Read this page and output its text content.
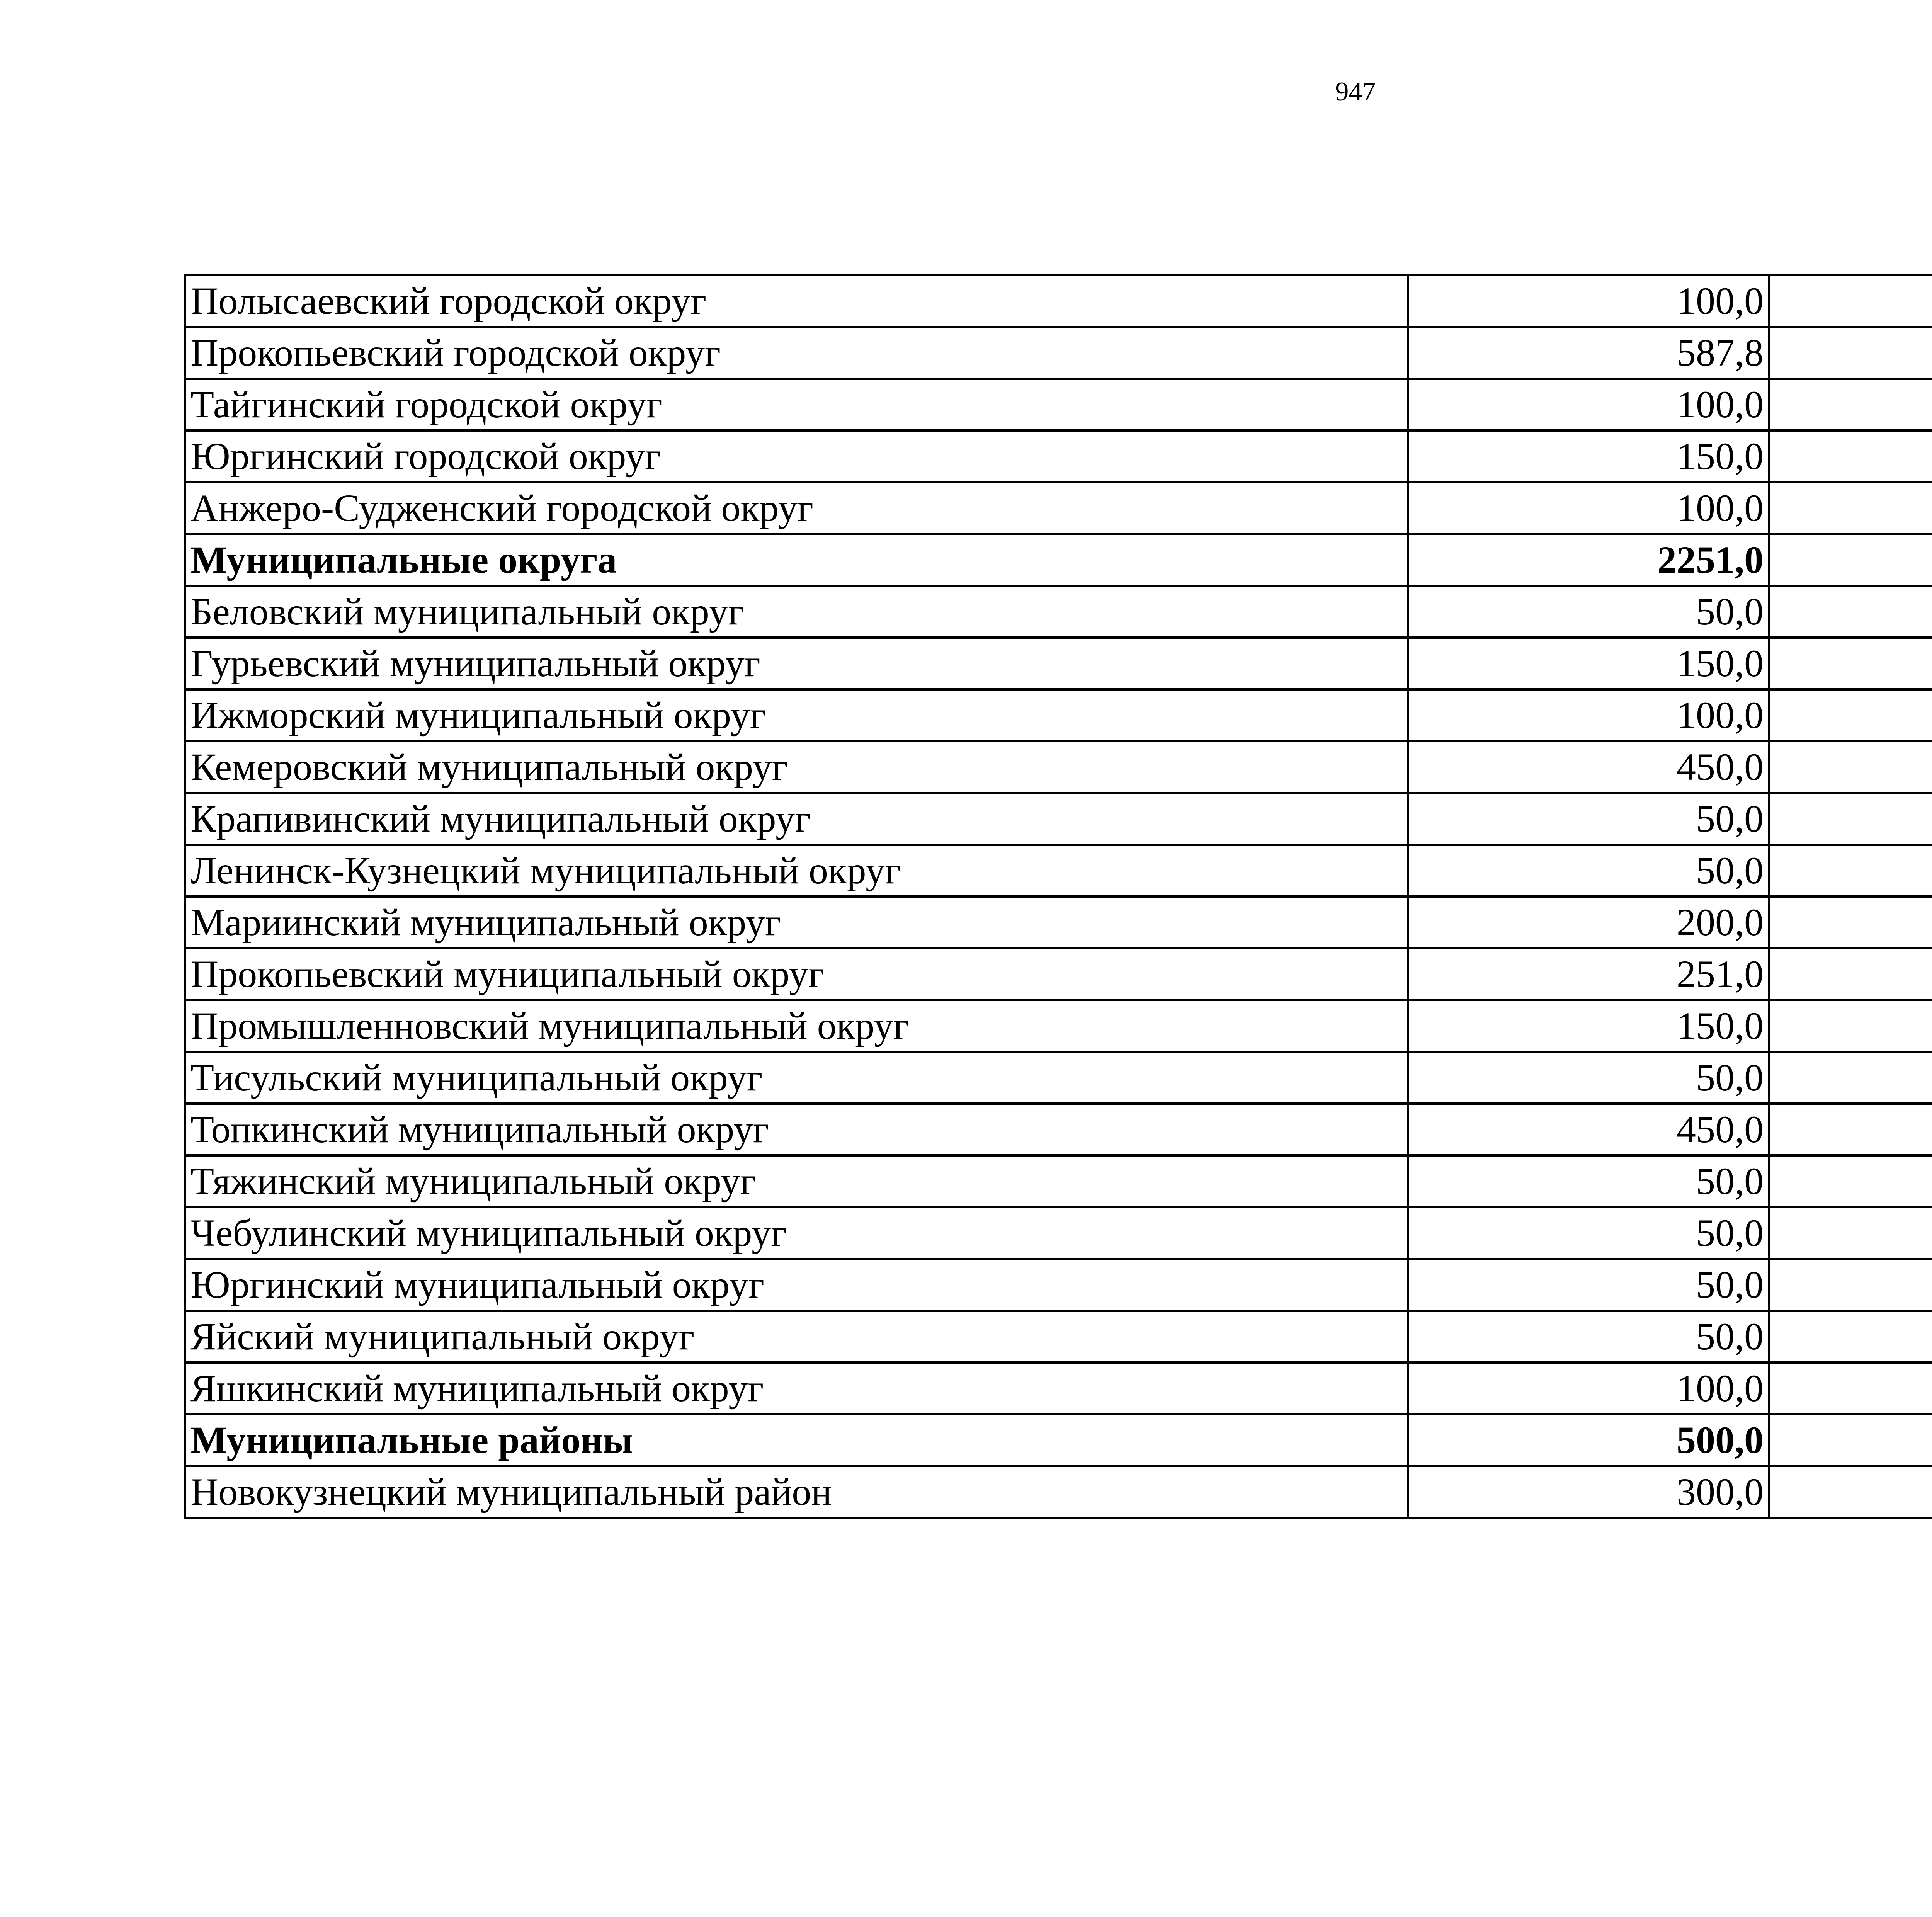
947
Полысаевский городской округ	100,0		
Прокопьевский городской округ	587,8		
Тайгинский городской округ	100,0		
Юргинский городской округ	150,0		
Анжеро-Судженский городской округ	100,0		
Муниципальные округа	2251,0		
Беловский муниципальный округ	50,0		
Гурьевский муниципальный округ	150,0		
Ижморский муниципальный округ	100,0		
Кемеровский муниципальный округ	450,0		
Крапивинский муниципальный округ	50,0		
Ленинск-Кузнецкий муниципальный округ	50,0		
Мариинский муниципальный округ	200,0		
Прокопьевский муниципальный округ	251,0		
Промышленновский муниципальный округ	150,0		
Тисульский муниципальный округ	50,0		
Топкинский муниципальный округ	450,0		
Тяжинский муниципальный округ	50,0		
Чебулинский муниципальный округ	50,0		
Юргинский муниципальный округ	50,0		
Яйский муниципальный округ	50,0		
Яшкинский муниципальный округ	100,0		
Муниципальные районы	500,0		
Новокузнецкий муниципальный район	300,0		
